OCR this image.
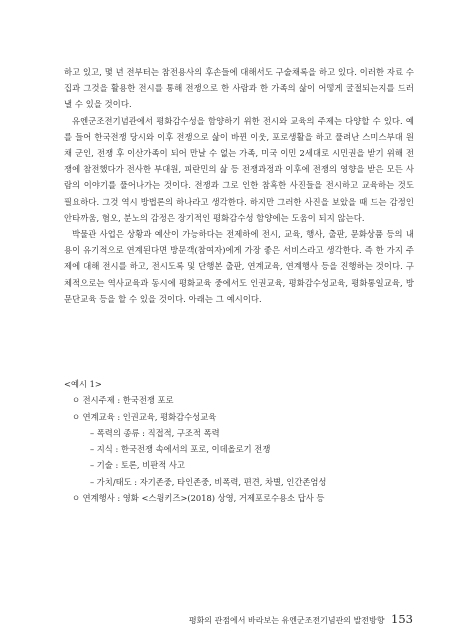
하고 있고, 몇 년 전부터는 참전용사의 후손들에 대해서도 구술채록을 하고 있다. 이러한 자료 수집과 그것을 활용한 전시를 통해 전쟁으로 한 사람과 한 가족의 삶이 어떻게 굴절되는지를 드러낼 수 있을 것이다.

유엔군조전기념관에서 평화감수성을 함양하기 위한 전시와 교육의 주제는 다양할 수 있다. 예를 들어 한국전쟁 당시와 이후 전쟁으로 삶이 바뀐 이웃, 포로생활을 하고 풀려난 스미스부대 원 채 군인, 전쟁 후 이산가족이 되어 만날 수 없는 가족, 미국 이민 2세대로 시민권을 받기 위해 전쟁에 참전했다가 전사한 부대원, 피란민의 삶 등 전쟁과정과 이후에 전쟁의 영향을 받은 모든 사람의 이야기를 풀어나가는 것이다. 전쟁과 그로 인한 참혹한 사진들을 전시하고 교육하는 것도 필요하다. 그것 역시 방법론의 하나라고 생각한다. 하지만 그러한 사진을 보았을 때 드는 감정인 안타까움, 혐오, 분노의 감정은 장기적인 평화감수성 함양에는 도움이 되지 않는다.

박물관 사업은 상황과 예산이 가능하다는 전제하에 전시, 교육, 행사, 출판, 문화상품 등의 내용이 유기적으로 연계된다면 방문객(참여자)에게 가장 좋은 서비스라고 생각한다. 즉 한 가지 주제에 대해 전시를 하고, 전시도록 및 단행본 출판, 연계교육, 연계행사 등을 진행하는 것이다. 구체적으로는 역사교육과 동시에 평화교육 중에서도 인권교육, 평화감수성교육, 평화통일교육, 방문단교육 등을 할 수 있을 것이다. 아래는 그 예시이다.

<예시 1>
ㅇ 전시주제 : 한국전쟁 포로
ㅇ 연계교육 : 인권교육, 평화감수성교육
– 폭력의 종류 : 직접적, 구조적 폭력
– 지식 : 한국전쟁 속에서의 포로, 이데올로기 전쟁
– 기술 : 토론, 비판적 사고
– 가치/태도 : 자기존중, 타인존중, 비폭력, 편견, 차별, 인간존엄성
ㅇ 연계행사 : 영화 <스윙키즈>(2018) 상영, 거제포로수용소 답사 등
평화의 관점에서 바라보는 유엔군조전기념관의 발전방향 153
